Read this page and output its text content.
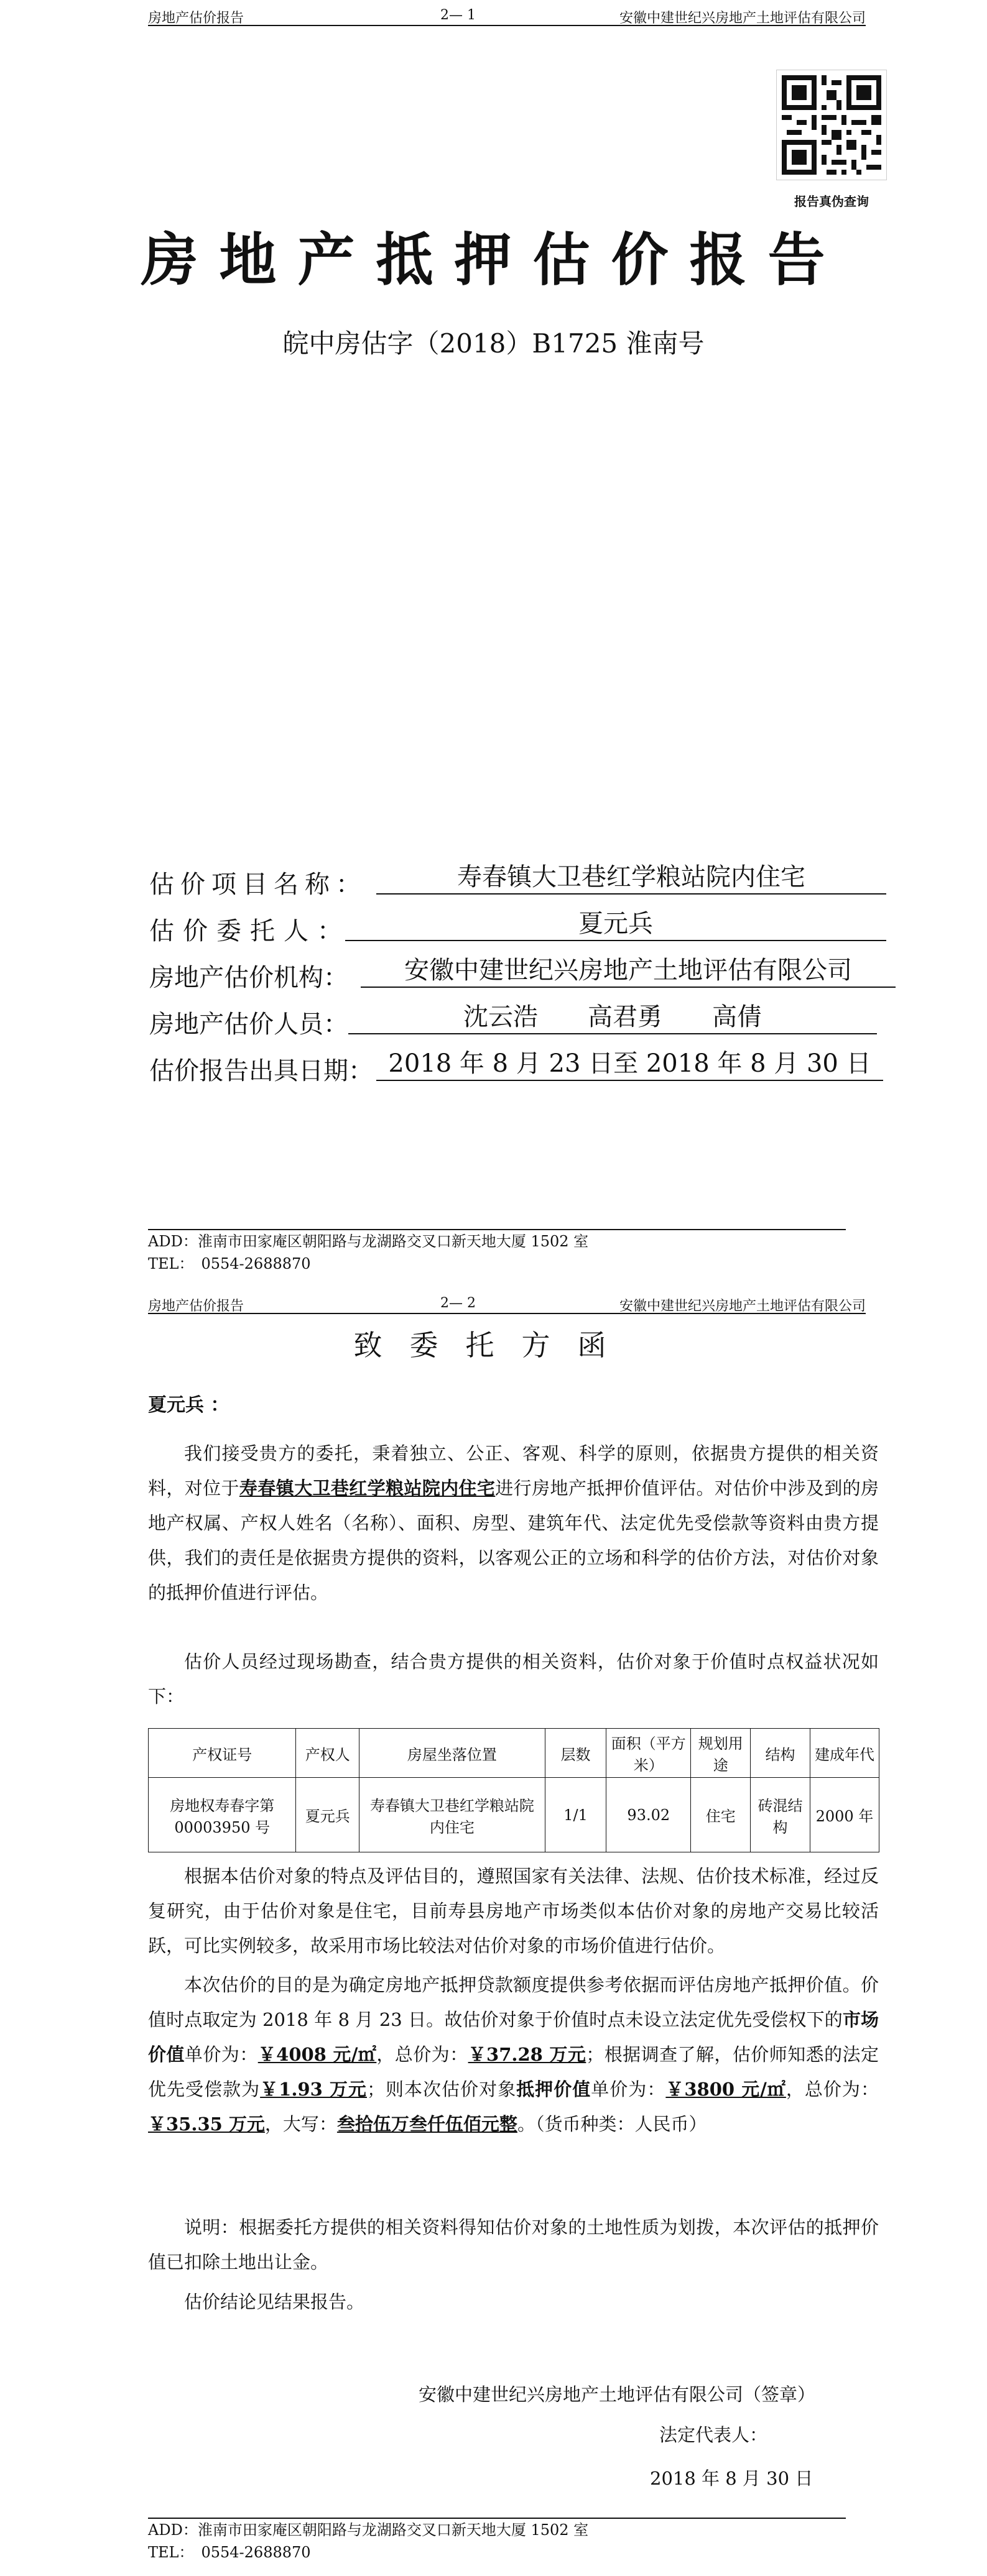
房地产估价报告	2— 1	安徽中建世纪兴房地产土地评估有限公司
报告真伪查询
房地产抵押估价报告
皖中房估字（2018）B1725 淮南号
估价项目名称：	寿春镇大卫巷红学粮站院内住宅
估价委托人：	夏元兵
房地产估价机构：	安徽中建世纪兴房地产土地评估有限公司
房地产估价人员：	沈云浩　　高君勇　　高倩
估价报告出具日期： 2018 年 8 月 23 日至 2018 年 8 月 30 日
ADD：淮南市田家庵区朝阳路与龙湖路交叉口新天地大厦 1502 室
TEL：　0554-2688870
房地产估价报告	2— 2	安徽中建世纪兴房地产土地评估有限公司
致委托方函
夏元兵 ：
我们接受贵方的委托，秉着独立、公正、客观、科学的原则，依据贵方提供的相关资料，对位于寿春镇大卫巷红学粮站院内住宅进行房地产抵押价值评估。对估价中涉及到的房地产权属、产权人姓名（名称）、面积、房型、建筑年代、法定优先受偿款等资料由贵方提供，我们的责任是依据贵方提供的资料，以客观公正的立场和科学的估价方法，对估价对象的抵押价值进行评估。
估价人员经过现场勘查，结合贵方提供的相关资料，估价对象于价值时点权益状况如下：
产权证号	产权人	房屋坐落位置	层数	面积（平方米）	规划用途	结构	建成年代
房地权寿春字第 00003950 号	夏元兵	寿春镇大卫巷红学粮站院内住宅	1/1	93.02	住宅	砖混结构	2000 年
根据本估价对象的特点及评估目的，遵照国家有关法律、法规、估价技术标准，经过反复研究，由于估价对象是住宅，目前寿县房地产市场类似本估价对象的房地产交易比较活跃，可比实例较多，故采用市场比较法对估价对象的市场价值进行估价。
本次估价的目的是为确定房地产抵押贷款额度提供参考依据而评估房地产抵押价值。价值时点取定为 2018 年 8 月 23 日。故估价对象于价值时点未设立法定优先受偿权下的市场价值单价为：￥4008 元/㎡，总价为：￥37.28 万元；根据调查了解，估价师知悉的法定优先受偿款为￥1.93 万元；则本次估价对象抵押价值单价为：￥3800 元/㎡，总价为：￥35.35 万元，大写：叁拾伍万叁仟伍佰元整。（货币种类：人民币）
说明：根据委托方提供的相关资料得知估价对象的土地性质为划拨，本次评估的抵押价值已扣除土地出让金。
估价结论见结果报告。
安徽中建世纪兴房地产土地评估有限公司（签章）
法定代表人：
2018 年 8 月 30 日
ADD：淮南市田家庵区朝阳路与龙湖路交叉口新天地大厦 1502 室
TEL：　0554-2688870
